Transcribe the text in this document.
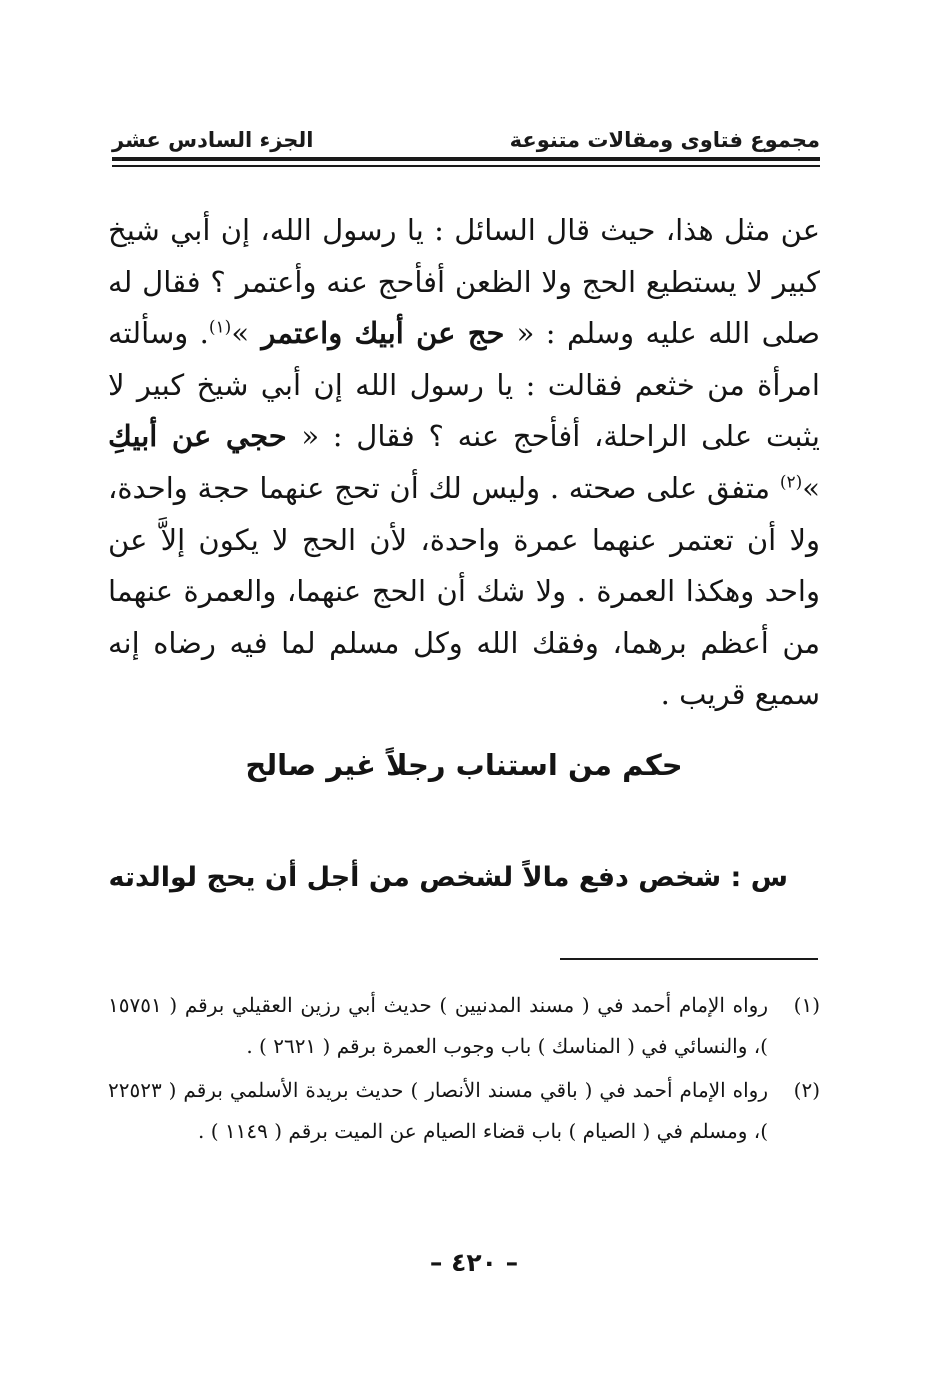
مجموع فتاوى ومقالات متنوعة
الجزء السادس عشر

عن مثل هذا، حيث قال السائل : يا رسول الله، إن أبي شيخ كبير لا يستطيع الحج ولا الظعن أفأحج عنه وأعتمر ؟ فقال له صلى الله عليه وسلم : « حج عن أبيك واعتمر »$^{(١)}$. وسألته امرأة من خثعم فقالت : يا رسول الله إن أبي شيخ كبير لا يثبت على الراحلة، أفأحج عنه ؟ فقال : « حجي عن أبيكِ »$^{(٢)}$ متفق على صحته . وليس لك أن تحج عنهما حجة واحدة، ولا أن تعتمر عنهما عمرة واحدة، لأن الحج لا يكون إلاَّ عن واحد وهكذا العمرة . ولا شك أن الحج عنهما، والعمرة عنهما من أعظم برهما، وفقك الله وكل مسلم لما فيه رضاه إنه سميع قريب .

حكم من استناب رجلاً غير صالح
س : شخص دفع مالاً لشخص من أجل أن يحج لوالدته
(١)
رواه الإمام أحمد في ( مسند المدنيين ) حديث أبي رزين العقيلي برقم ( ١٥٧٥١ )، والنسائي في ( المناسك ) باب وجوب العمرة برقم ( ٢٦٢١ ) .
(٢)
رواه الإمام أحمد في ( باقي مسند الأنصار ) حديث بريدة الأسلمي برقم ( ٢٢٥٢٣ )، ومسلم في ( الصيام ) باب قضاء الصيام عن الميت برقم ( ١١٤٩ ) .
– ٤٢٠ –
